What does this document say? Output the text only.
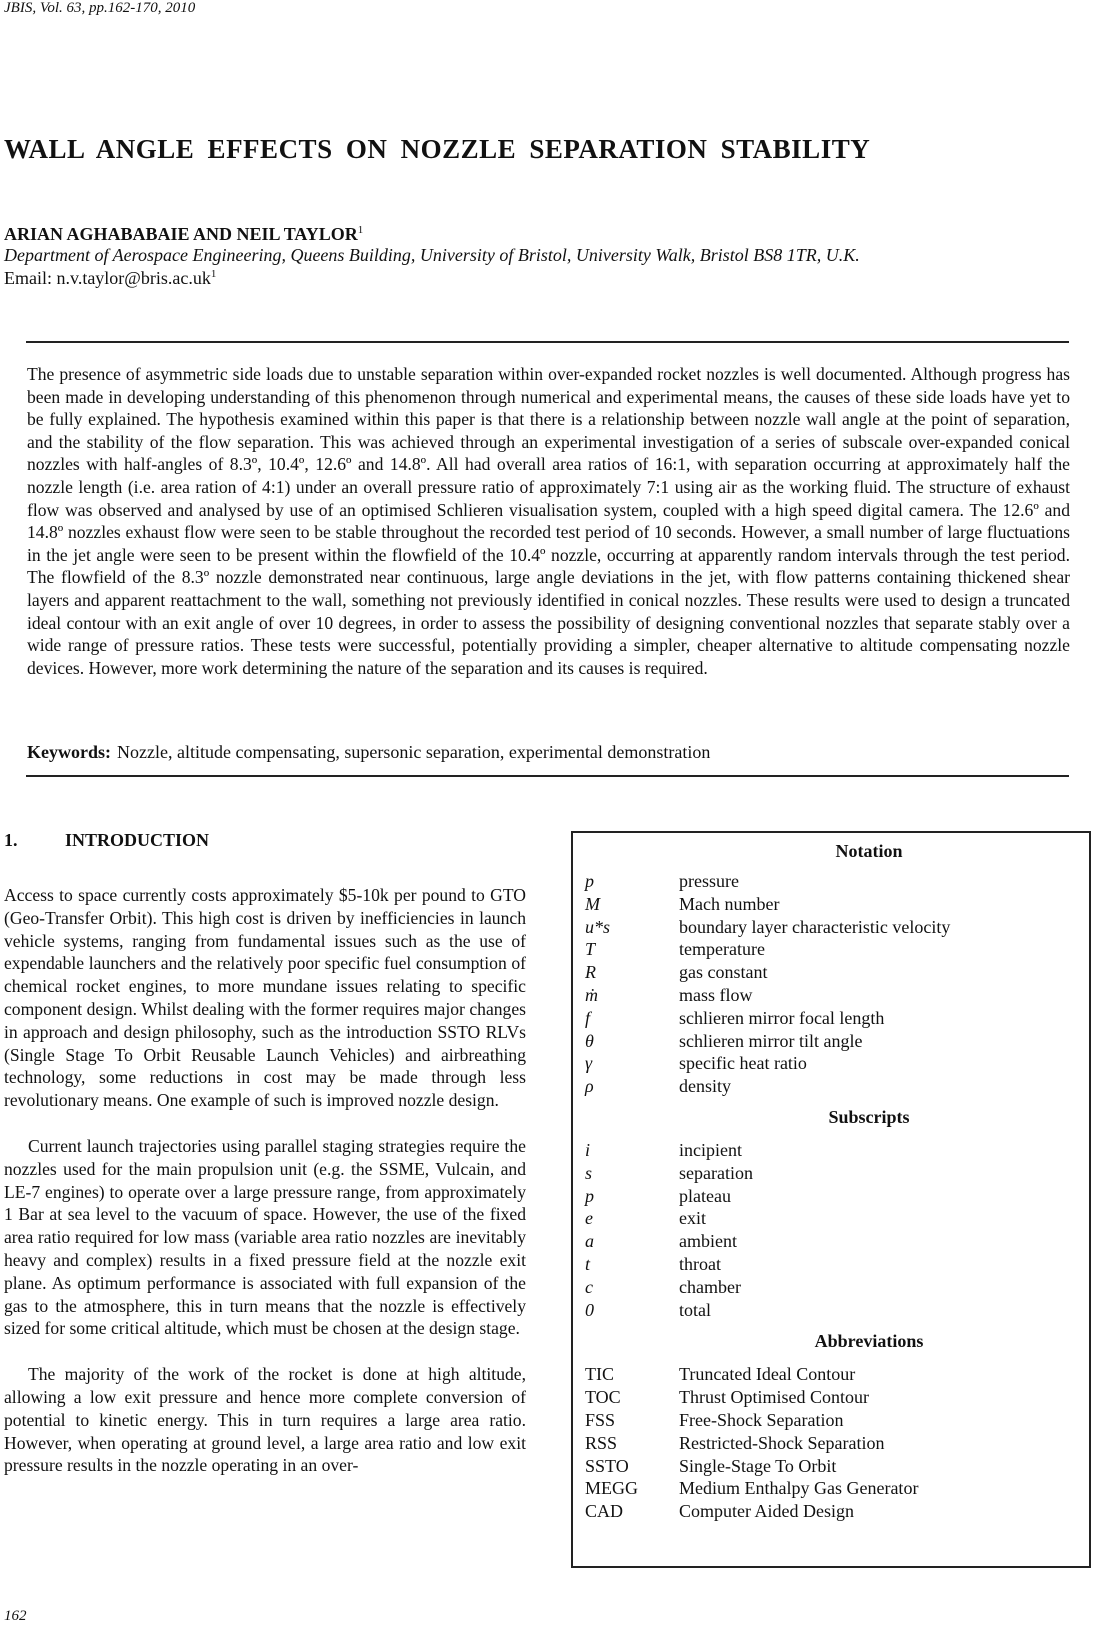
JBIS, Vol. 63, pp.162-170, 2010
WALL ANGLE EFFECTS ON NOZZLE SEPARATION STABILITY
ARIAN AGHABABAIE AND NEIL TAYLOR$^1$
Department of Aerospace Engineering, Queens Building, University of Bristol, University Walk, Bristol BS8 1TR, U.K.
Email: $n.v.taylor@bris.ac.uk^1$
The presence of asymmetric side loads due to unstable separation within over-expanded rocket nozzles is well documented. Although progress has been made in developing understanding of this phenomenon through numerical and experimental means, the causes of these side loads have yet to be fully explained. The hypothesis examined within this paper is that there is a relationship between nozzle wall angle at the point of separation, and the stability of the flow separation. This was achieved through an experimental investigation of a series of subscale over-expanded conical nozzles with half-angles of 8.3º, 10.4º, 12.6º and 14.8º. All had overall area ratios of 16:1, with separation occurring at approximately half the nozzle length (i.e. area ration of 4:1) under an overall pressure ratio of approximately 7:1 using air as the working fluid. The structure of exhaust flow was observed and analysed by use of an optimised Schlieren visualisation system, coupled with a high speed digital camera. The 12.6º and 14.8º nozzles exhaust flow were seen to be stable throughout the recorded test period of 10 seconds. However, a small number of large fluctuations in the jet angle were seen to be present within the flowfield of the 10.4º nozzle, occurring at apparently random intervals through the test period. The flowfield of the 8.3º nozzle demonstrated near continuous, large angle deviations in the jet, with flow patterns containing thickened shear layers and apparent reattachment to the wall, something not previously identified in conical nozzles. These results were used to design a truncated ideal contour with an exit angle of over 10 degrees, in order to assess the possibility of designing conventional nozzles that separate stably over a wide range of pressure ratios. These tests were successful, potentially providing a simpler, cheaper alternative to altitude compensating nozzle devices. However, more work determining the nature of the separation and its causes is required.
Keywords: Nozzle, altitude compensating, supersonic separation, experimental demonstration
1.	INTRODUCTION

Access to space currently costs approximately $5-10k per pound to GTO (Geo-Transfer Orbit). This high cost is driven by inefficiencies in launch vehicle systems, ranging from fundamental issues such as the use of expendable launchers and the relatively poor specific fuel consumption of chemical rocket engines, to more mundane issues relating to specific component design. Whilst dealing with the former requires major changes in approach and design philosophy, such as the introduction SSTO RLVs (Single Stage To Orbit Reusable Launch Vehicles) and airbreathing technology, some reductions in cost may be made through less revolutionary means. One example of such is improved nozzle design.

Current launch trajectories using parallel staging strategies require the nozzles used for the main propulsion unit (e.g. the SSME, Vulcain, and LE-7 engines) to operate over a large pressure range, from approximately 1 Bar at sea level to the vacuum of space. However, the use of the fixed area ratio required for low mass (variable area ratio nozzles are inevitably heavy and complex) results in a fixed pressure field at the nozzle exit plane. As optimum performance is associated with full expansion of the gas to the atmosphere, this in turn means that the nozzle is effectively sized for some critical altitude, which must be chosen at the design stage.

The majority of the work of the rocket is done at high altitude, allowing a low exit pressure and hence more complete conversion of potential to kinetic energy. This in turn requires a large area ratio. However, when operating at ground level, a large area ratio and low exit pressure results in the nozzle operating in an over-

Notation
p	pressure
M	Mach number
u*s	boundary layer characteristic velocity
T	temperature
R	gas constant
ṁ	mass flow
f	schlieren mirror focal length
θ	schlieren mirror tilt angle
γ	specific heat ratio
ρ	density
Subscripts
i	incipient
s	separation
p	plateau
e	exit
a	ambient
t	throat
c	chamber
0	total
Abbreviations
TIC	Truncated Ideal Contour
TOC	Thrust Optimised Contour
FSS	Free-Shock Separation
RSS	Restricted-Shock Separation
SSTO	Single-Stage To Orbit
MEGG	Medium Enthalpy Gas Generator
CAD	Computer Aided Design
162
